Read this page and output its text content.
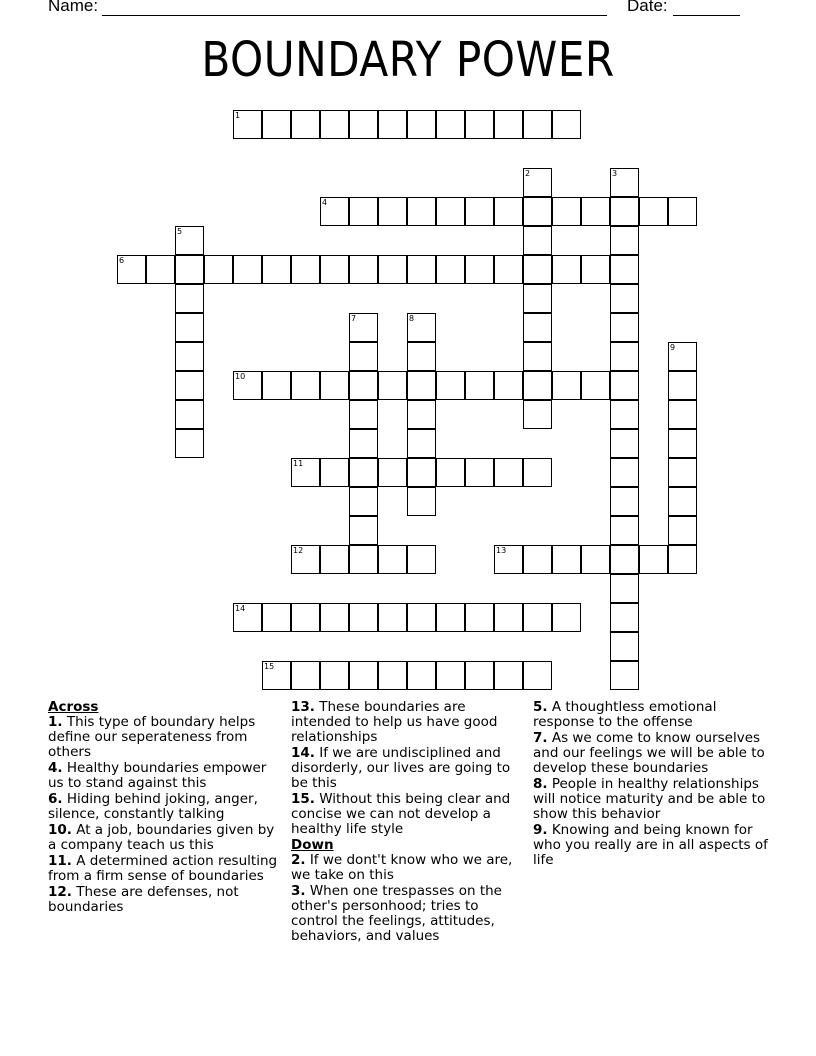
Name:	Date:
BOUNDARY POWER
1
2	3
4
5
6
7	8
9
10
11
12	13
14
15

Across

1. This type of boundary helps define our seperateness from others
4. Healthy boundaries empower us to stand against this
6. Hiding behind joking, anger, silence, constantly talking
10. At a job, boundaries given by a company teach us this
11. A determined action resulting from a firm sense of boundaries
12. These are defenses, not boundaries
13. These boundaries are intended to help us have good relationships
14. If we are undisciplined and disorderly, our lives are going to be this
15. Without this being clear and concise we can not develop a healthy life style

Down

2. If we dont't know who we are, we take on this
3. When one trespasses on the other's personhood; tries to control the feelings, attitudes, behaviors, and values
5. A thoughtless emotional response to the offense
7. As we come to know ourselves and our feelings we will be able to develop these boundaries
8. People in healthy relationships will notice maturity and be able to show this behavior
9. Knowing and being known for who you really are in all aspects of life
